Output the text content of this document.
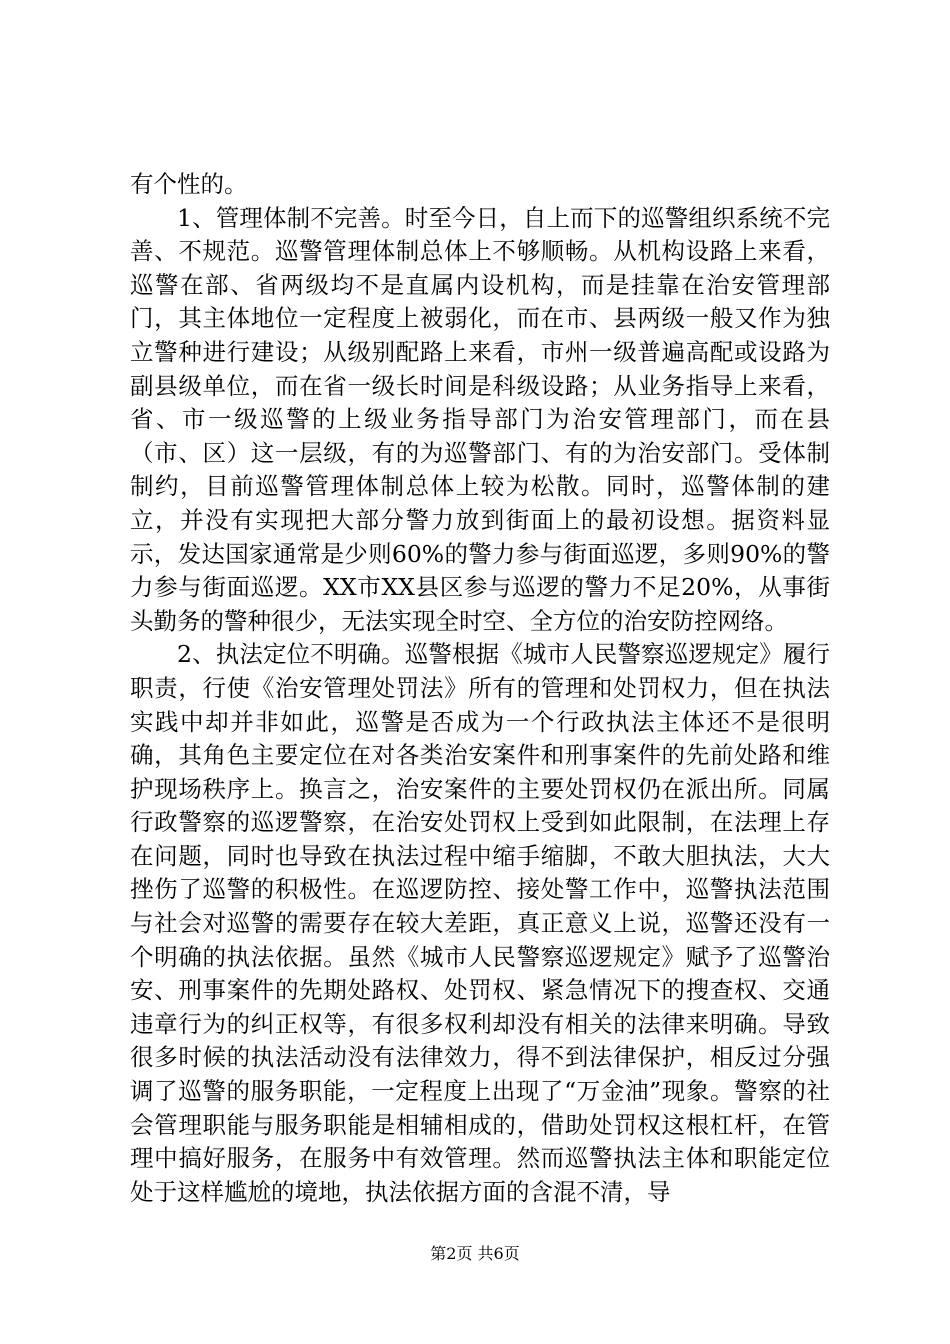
有个性的。

1、管理体制不完善。时至今日，自上而下的巡警组织系统不完善、不规范。巡警管理体制总体上不够顺畅。从机构设路上来看，巡警在部、省两级均不是直属内设机构，而是挂靠在治安管理部门，其主体地位一定程度上被弱化，而在市、县两级一般又作为独立警种进行建设；从级别配路上来看，市州一级普遍高配或设路为副县级单位，而在省一级长时间是科级设路；从业务指导上来看，省、市一级巡警的上级业务指导部门为治安管理部门，而在县（市、区）这一层级，有的为巡警部门、有的为治安部门。受体制制约，目前巡警管理体制总体上较为松散。同时，巡警体制的建立，并没有实现把大部分警力放到街面上的最初设想。据资料显示，发达国家通常是少则60%的警力参与街面巡逻，多则90%的警力参与街面巡逻。XX市XX县区参与巡逻的警力不足20%，从事街头勤务的警种很少，无法实现全时空、全方位的治安防控网络。

2、执法定位不明确。巡警根据《城市人民警察巡逻规定》履行职责，行使《治安管理处罚法》所有的管理和处罚权力，但在执法实践中却并非如此，巡警是否成为一个行政执法主体还不是很明确，其角色主要定位在对各类治安案件和刑事案件的先前处路和维护现场秩序上。换言之，治安案件的主要处罚权仍在派出所。同属行政警察的巡逻警察，在治安处罚权上受到如此限制，在法理上存在问题，同时也导致在执法过程中缩手缩脚，不敢大胆执法，大大挫伤了巡警的积极性。在巡逻防控、接处警工作中，巡警执法范围与社会对巡警的需要存在较大差距，真正意义上说，巡警还没有一个明确的执法依据。虽然《城市人民警察巡逻规定》赋予了巡警治安、刑事案件的先期处路权、处罚权、紧急情况下的搜查权、交通违章行为的纠正权等，有很多权利却没有相关的法律来明确。导致很多时候的执法活动没有法律效力，得不到法律保护，相反过分强调了巡警的服务职能，一定程度上出现了“万金油”现象。警察的社会管理职能与服务职能是相辅相成的，借助处罚权这根杠杆，在管理中搞好服务，在服务中有效管理。然而巡警执法主体和职能定位处于这样尴尬的境地，执法依据方面的含混不清，导

第2页 共6页
